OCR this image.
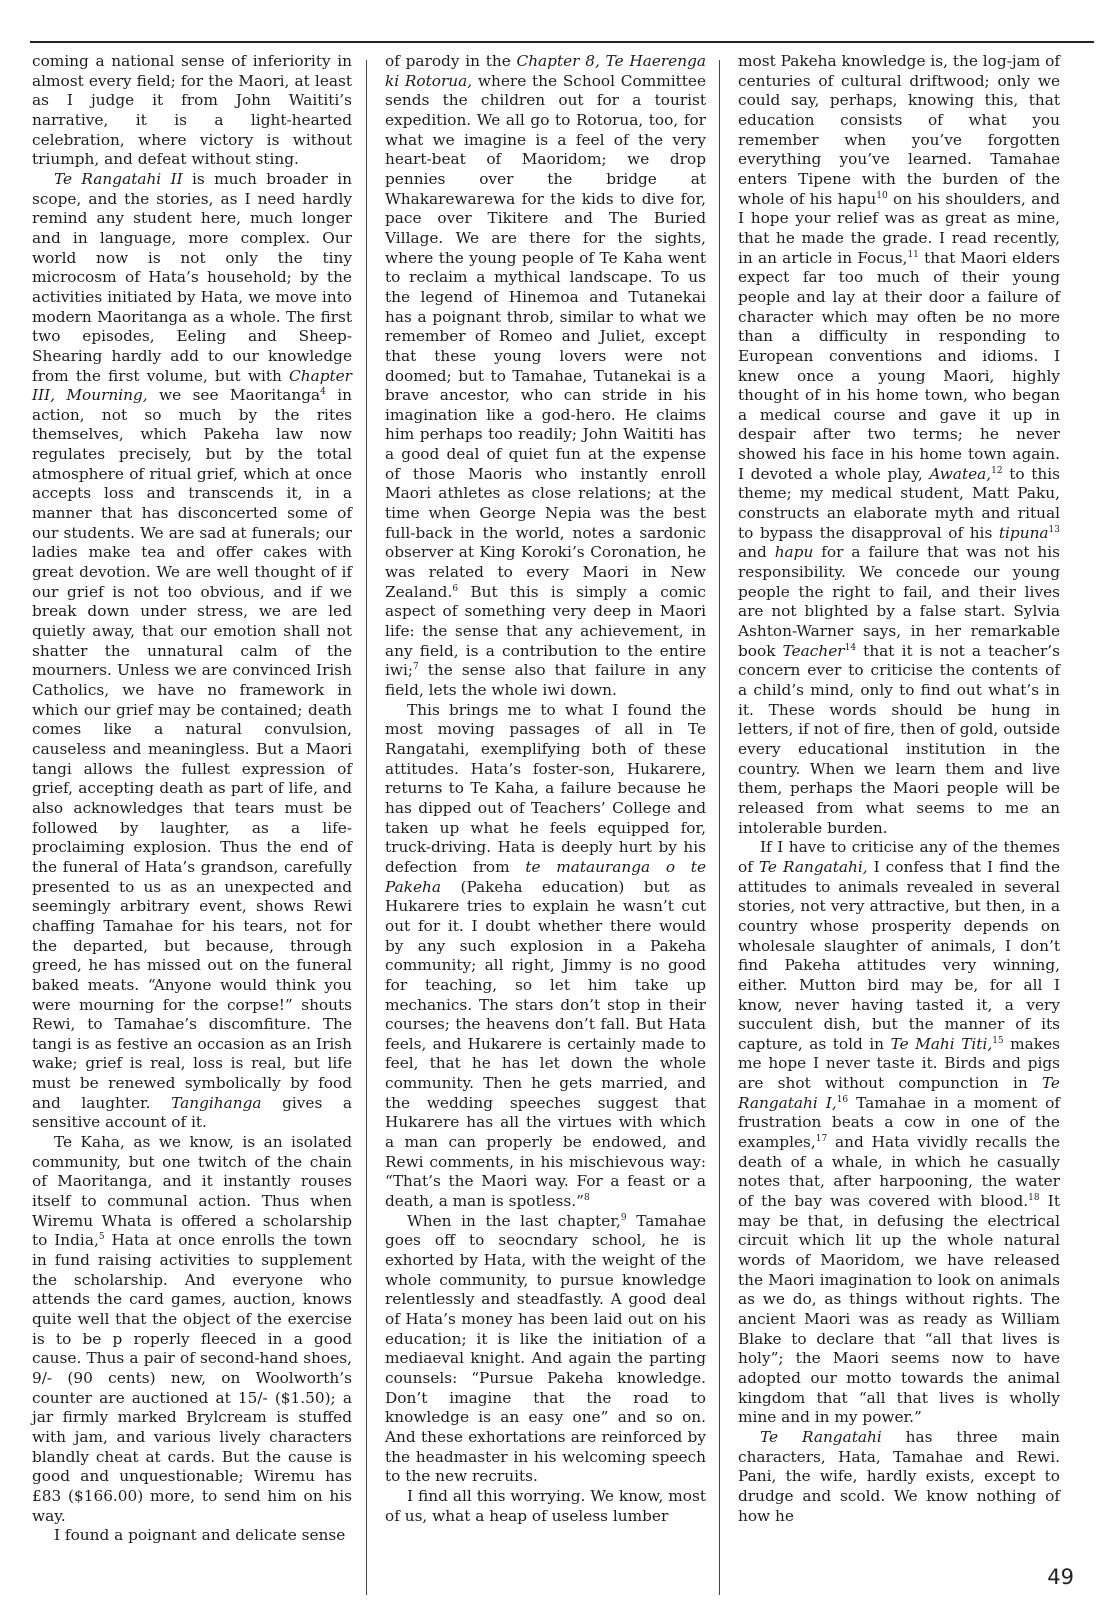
coming a national sense of inferiority in almost every field; for the Maori, at least as I judge it from John Waititi’s narrative, it is a light-hearted celebration, where victory is without triumph, and defeat without sting.

Te Rangatahi II is much broader in scope, and the stories, as I need hardly remind any student here, much longer and in language, more complex. Our world now is not only the tiny microcosm of Hata’s household; by the activities initiated by Hata, we move into modern Maoritanga as a whole. The first two episodes, Eeling and Sheep-Shearing hardly add to our knowledge from the first volume, but with Chapter III, Mourning, we see Maoritanga$^4$ in action, not so much by the rites themselves, which Pakeha law now regulates precisely, but by the total atmosphere of ritual grief, which at once accepts loss and transcends it, in a manner that has disconcerted some of our students. We are sad at funerals; our ladies make tea and offer cakes with great devotion. We are well thought of if our grief is not too obvious, and if we break down under stress, we are led quietly away, that our emotion shall not shatter the unnatural calm of the mourners. Unless we are convinced Irish Catholics, we have no framework in which our grief may be contained; death comes like a natural convulsion, causeless and meaningless. But a Maori tangi allows the fullest expression of grief, accepting death as part of life, and also acknowledges that tears must be followed by laughter, as a life-proclaiming explosion. Thus the end of the funeral of Hata’s grandson, carefully presented to us as an unexpected and seemingly arbitrary event, shows Rewi chaffing Tamahae for his tears, not for the departed, but because, through greed, he has missed out on the funeral baked meats. “Anyone would think you were mourning for the corpse!” shouts Rewi, to Tamahae’s discomfiture. The tangi is as festive an occasion as an Irish wake; grief is real, loss is real, but life must be renewed symbolically by food and laughter. Tangihanga gives a sensitive account of it.

Te Kaha, as we know, is an isolated community, but one twitch of the chain of Maoritanga, and it instantly rouses itself to communal action. Thus when Wiremu Whata is offered a scholarship to India,$^5$ Hata at once enrolls the town in fund raising activities to supplement the scholarship. And everyone who attends the card games, auction, knows quite well that the object of the exercise is to be p roperly fleeced in a good cause. Thus a pair of second-hand shoes, 9/- (90 cents) new, on Woolworth’s counter are auctioned at 15/- ($1.50); a jar firmly marked Brylcream is stuffed with jam, and various lively characters blandly cheat at cards. But the cause is good and unquestionable; Wiremu has £83 ($166.00) more, to send him on his way.

I found a poignant and delicate sense

of parody in the Chapter 8, Te Haerenga ki Rotorua, where the School Committee sends the children out for a tourist expedition. We all go to Rotorua, too, for what we imagine is a feel of the very heart-beat of Maoridom; we drop pennies over the bridge at Whakarewarewa for the kids to dive for, pace over Tikitere and The Buried Village. We are there for the sights, where the young people of Te Kaha went to reclaim a mythical landscape. To us the legend of Hinemoa and Tutanekai has a poignant throb, similar to what we remember of Romeo and Juliet, except that these young lovers were not doomed; but to Tamahae, Tutanekai is a brave ancestor, who can stride in his imagination like a god-hero. He claims him perhaps too readily; John Waititi has a good deal of quiet fun at the expense of those Maoris who instantly enroll Maori athletes as close relations; at the time when George Nepia was the best full-back in the world, notes a sardonic observer at King Koroki’s Coronation, he was related to every Maori in New Zealand.$^6$ But this is simply a comic aspect of something very deep in Maori life: the sense that any achievement, in any field, is a contribution to the entire iwi;$^7$ the sense also that failure in any field, lets the whole iwi down.

This brings me to what I found the most moving passages of all in Te Rangatahi, exemplifying both of these attitudes. Hata’s foster-son, Hukarere, returns to Te Kaha, a failure because he has dipped out of Teachers’ College and taken up what he feels equipped for, truck-driving. Hata is deeply hurt by his defection from te matauranga o te Pakeha (Pakeha education) but as Hukarere tries to explain he wasn’t cut out for it. I doubt whether there would by any such explosion in a Pakeha community; all right, Jimmy is no good for teaching, so let him take up mechanics. The stars don’t stop in their courses; the heavens don’t fall. But Hata feels, and Hukarere is certainly made to feel, that he has let down the whole community. Then he gets married, and the wedding speeches suggest that Hukarere has all the virtues with which a man can properly be endowed, and Rewi comments, in his mischievous way: “That’s the Maori way. For a feast or a death, a man is spotless.”$^8$

When in the last chapter,$^9$ Tamahae goes off to seocndary school, he is exhorted by Hata, with the weight of the whole community, to pursue knowledge relentlessly and steadfastly. A good deal of Hata’s money has been laid out on his education; it is like the initiation of a mediaeval knight. And again the parting counsels: “Pursue Pakeha knowledge. Don’t imagine that the road to knowledge is an easy one” and so on. And these exhortations are reinforced by the headmaster in his welcoming speech to the new recruits.

I find all this worrying. We know, most of us, what a heap of useless lumber

most Pakeha knowledge is, the log-jam of centuries of cultural driftwood; only we could say, perhaps, knowing this, that education consists of what you remember when you’ve forgotten everything you’ve learned. Tamahae enters Tipene with the burden of the whole of his hapu$^{10}$ on his shoulders, and I hope your relief was as great as mine, that he made the grade. I read recently, in an article in Focus,$^{11}$ that Maori elders expect far too much of their young people and lay at their door a failure of character which may often be no more than a difficulty in responding to European conventions and idioms. I knew once a young Maori, highly thought of in his home town, who began a medical course and gave it up in despair after two terms; he never showed his face in his home town again. I devoted a whole play, Awatea,$^{12}$ to this theme; my medical student, Matt Paku, constructs an elaborate myth and ritual to bypass the disapproval of his tipuna$^{13}$ and hapu for a failure that was not his responsibility. We concede our young people the right to fail, and their lives are not blighted by a false start. Sylvia Ashton-Warner says, in her remarkable book Teacher$^{14}$ that it is not a teacher’s concern ever to criticise the contents of a child’s mind, only to find out what’s in it. These words should be hung in letters, if not of fire, then of gold, outside every educational institution in the country. When we learn them and live them, perhaps the Maori people will be released from what seems to me an intolerable burden.

If I have to criticise any of the themes of Te Rangatahi, I confess that I find the attitudes to animals revealed in several stories, not very attractive, but then, in a country whose prosperity depends on wholesale slaughter of animals, I don’t find Pakeha attitudes very winning, either. Mutton bird may be, for all I know, never having tasted it, a very succulent dish, but the manner of its capture, as told in Te Mahi Titi,$^{15}$ makes me hope I never taste it. Birds and pigs are shot without compunction in Te Rangatahi I,$^{16}$ Tamahae in a moment of frustration beats a cow in one of the examples,$^{17}$ and Hata vividly recalls the death of a whale, in which he casually notes that, after harpooning, the water of the bay was covered with blood.$^{18}$ It may be that, in defusing the electrical circuit which lit up the whole natural words of Maoridom, we have released the Maori imagination to look on animals as we do, as things without rights. The ancient Maori was as ready as William Blake to declare that “all that lives is holy”; the Maori seems now to have adopted our motto towards the animal kingdom that “all that lives is wholly mine and in my power.”

Te Rangatahi has three main characters, Hata, Tamahae and Rewi. Pani, the wife, hardly exists, except to drudge and scold. We know nothing of how he

49
